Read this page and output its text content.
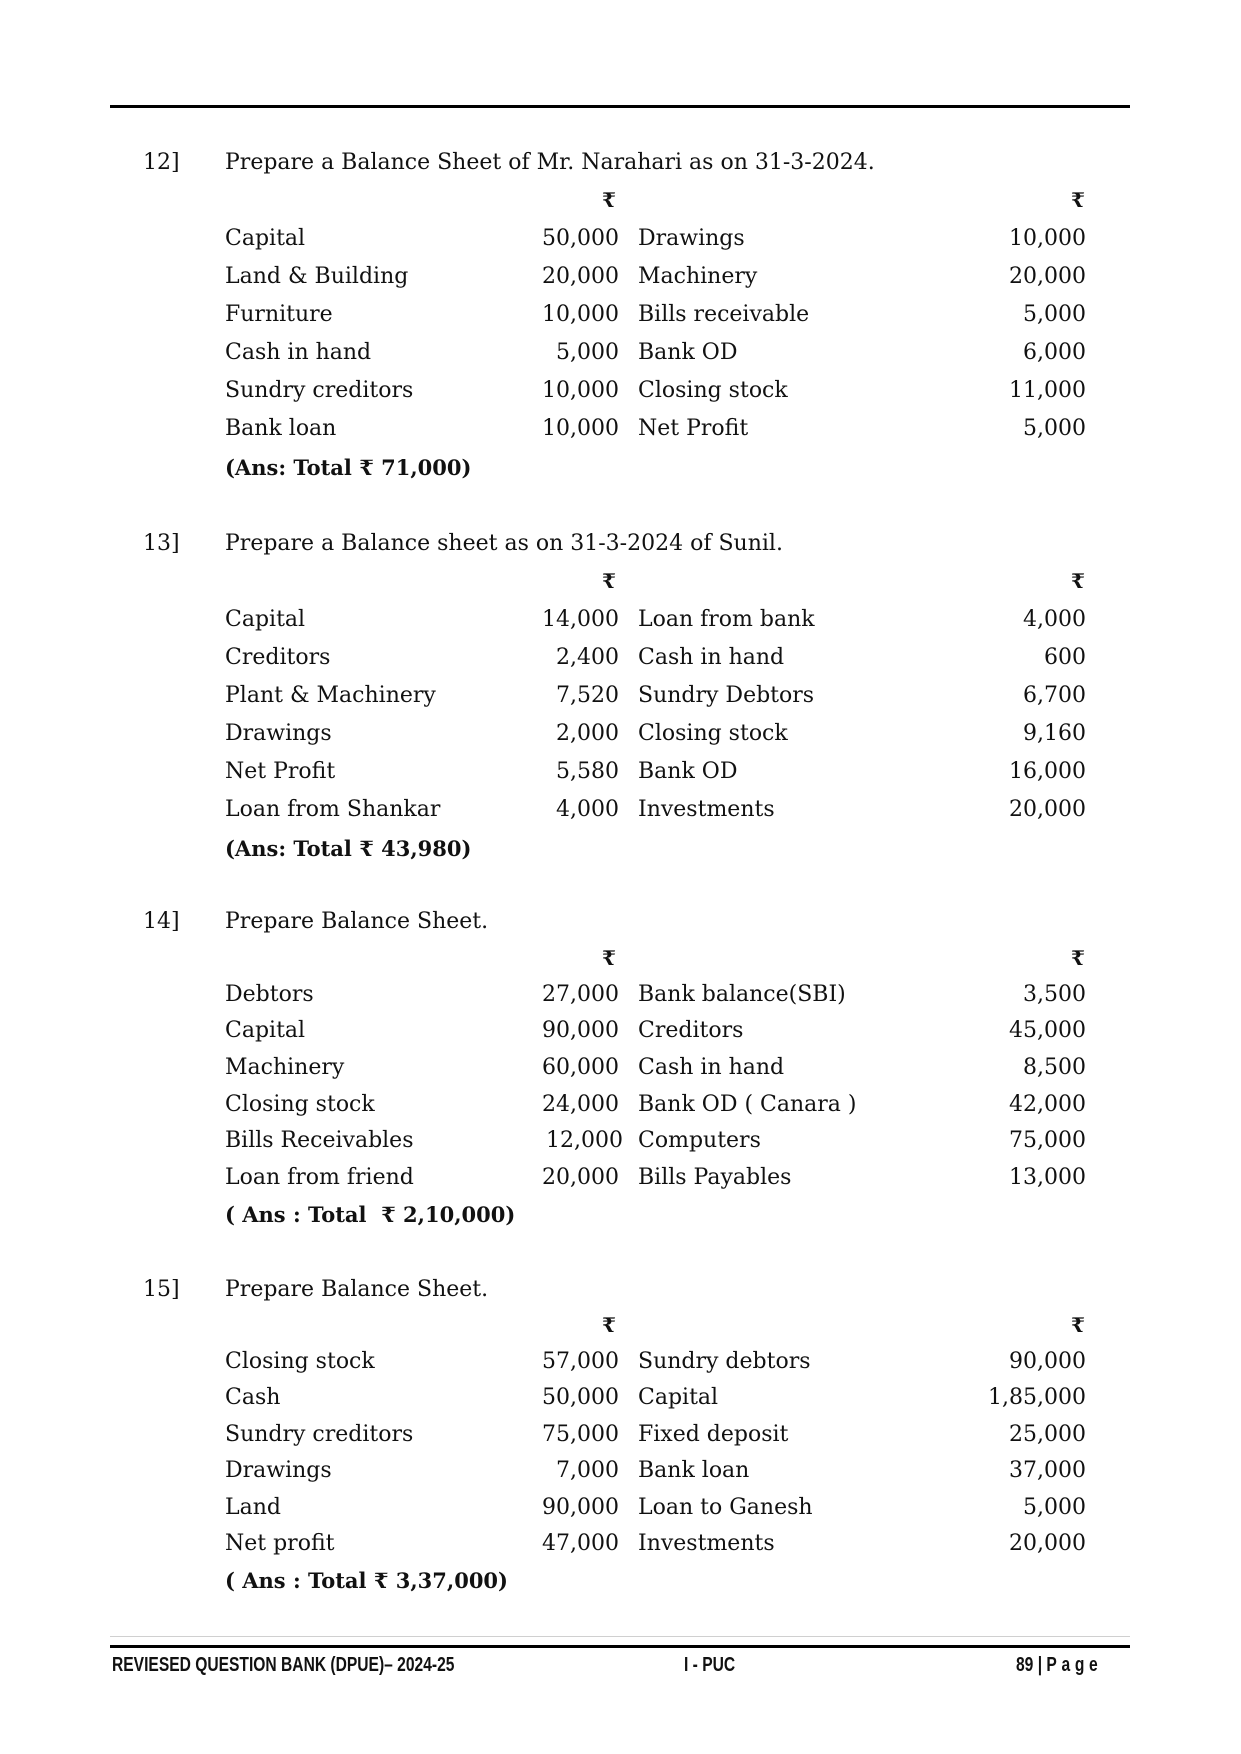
12] Prepare a Balance Sheet of Mr. Narahari as on 31-3-2024.
₹	₹
Capital	50,000 Drawings	10,000
Land & Building	20,000 Machinery	20,000
Furniture	10,000 Bills receivable	5,000
Cash in hand	5,000 Bank OD	6,000
Sundry creditors	10,000 Closing stock	11,000
Bank loan	10,000 Net Profit	5,000
(Ans: Total ₹ 71,000)
13] Prepare a Balance sheet as on 31-3-2024 of Sunil.
₹	₹
Capital	14,000 Loan from bank	4,000
Creditors	2,400 Cash in hand	600
Plant & Machinery	7,520 Sundry Debtors	6,700
Drawings	2,000 Closing stock	9,160
Net Profit	5,580 Bank OD	16,000
Loan from Shankar	4,000 Investments	20,000
(Ans: Total ₹ 43,980)
14] Prepare Balance Sheet.
₹	₹
Debtors	27,000 Bank balance(SBI)	3,500
Capital	90,000 Creditors	45,000
Machinery	60,000 Cash in hand	8,500
Closing stock	24,000 Bank OD ( Canara )	42,000
Bills Receivables	12,000 Computers	75,000
Loan from friend	20,000 Bills Payables	13,000
( Ans : Total  ₹ 2,10,000)
15] Prepare Balance Sheet.
₹	₹
Closing stock	57,000 Sundry debtors	90,000
Cash	50,000 Capital	1,85,000
Sundry creditors	75,000 Fixed deposit	25,000
Drawings	7,000 Bank loan	37,000
Land	90,000 Loan to Ganesh	5,000
Net profit	47,000 Investments	20,000
( Ans : Total ₹ 3,37,000)
REVIESED QUESTION BANK (DPUE)– 2024-25	I - PUC	89 | Page
